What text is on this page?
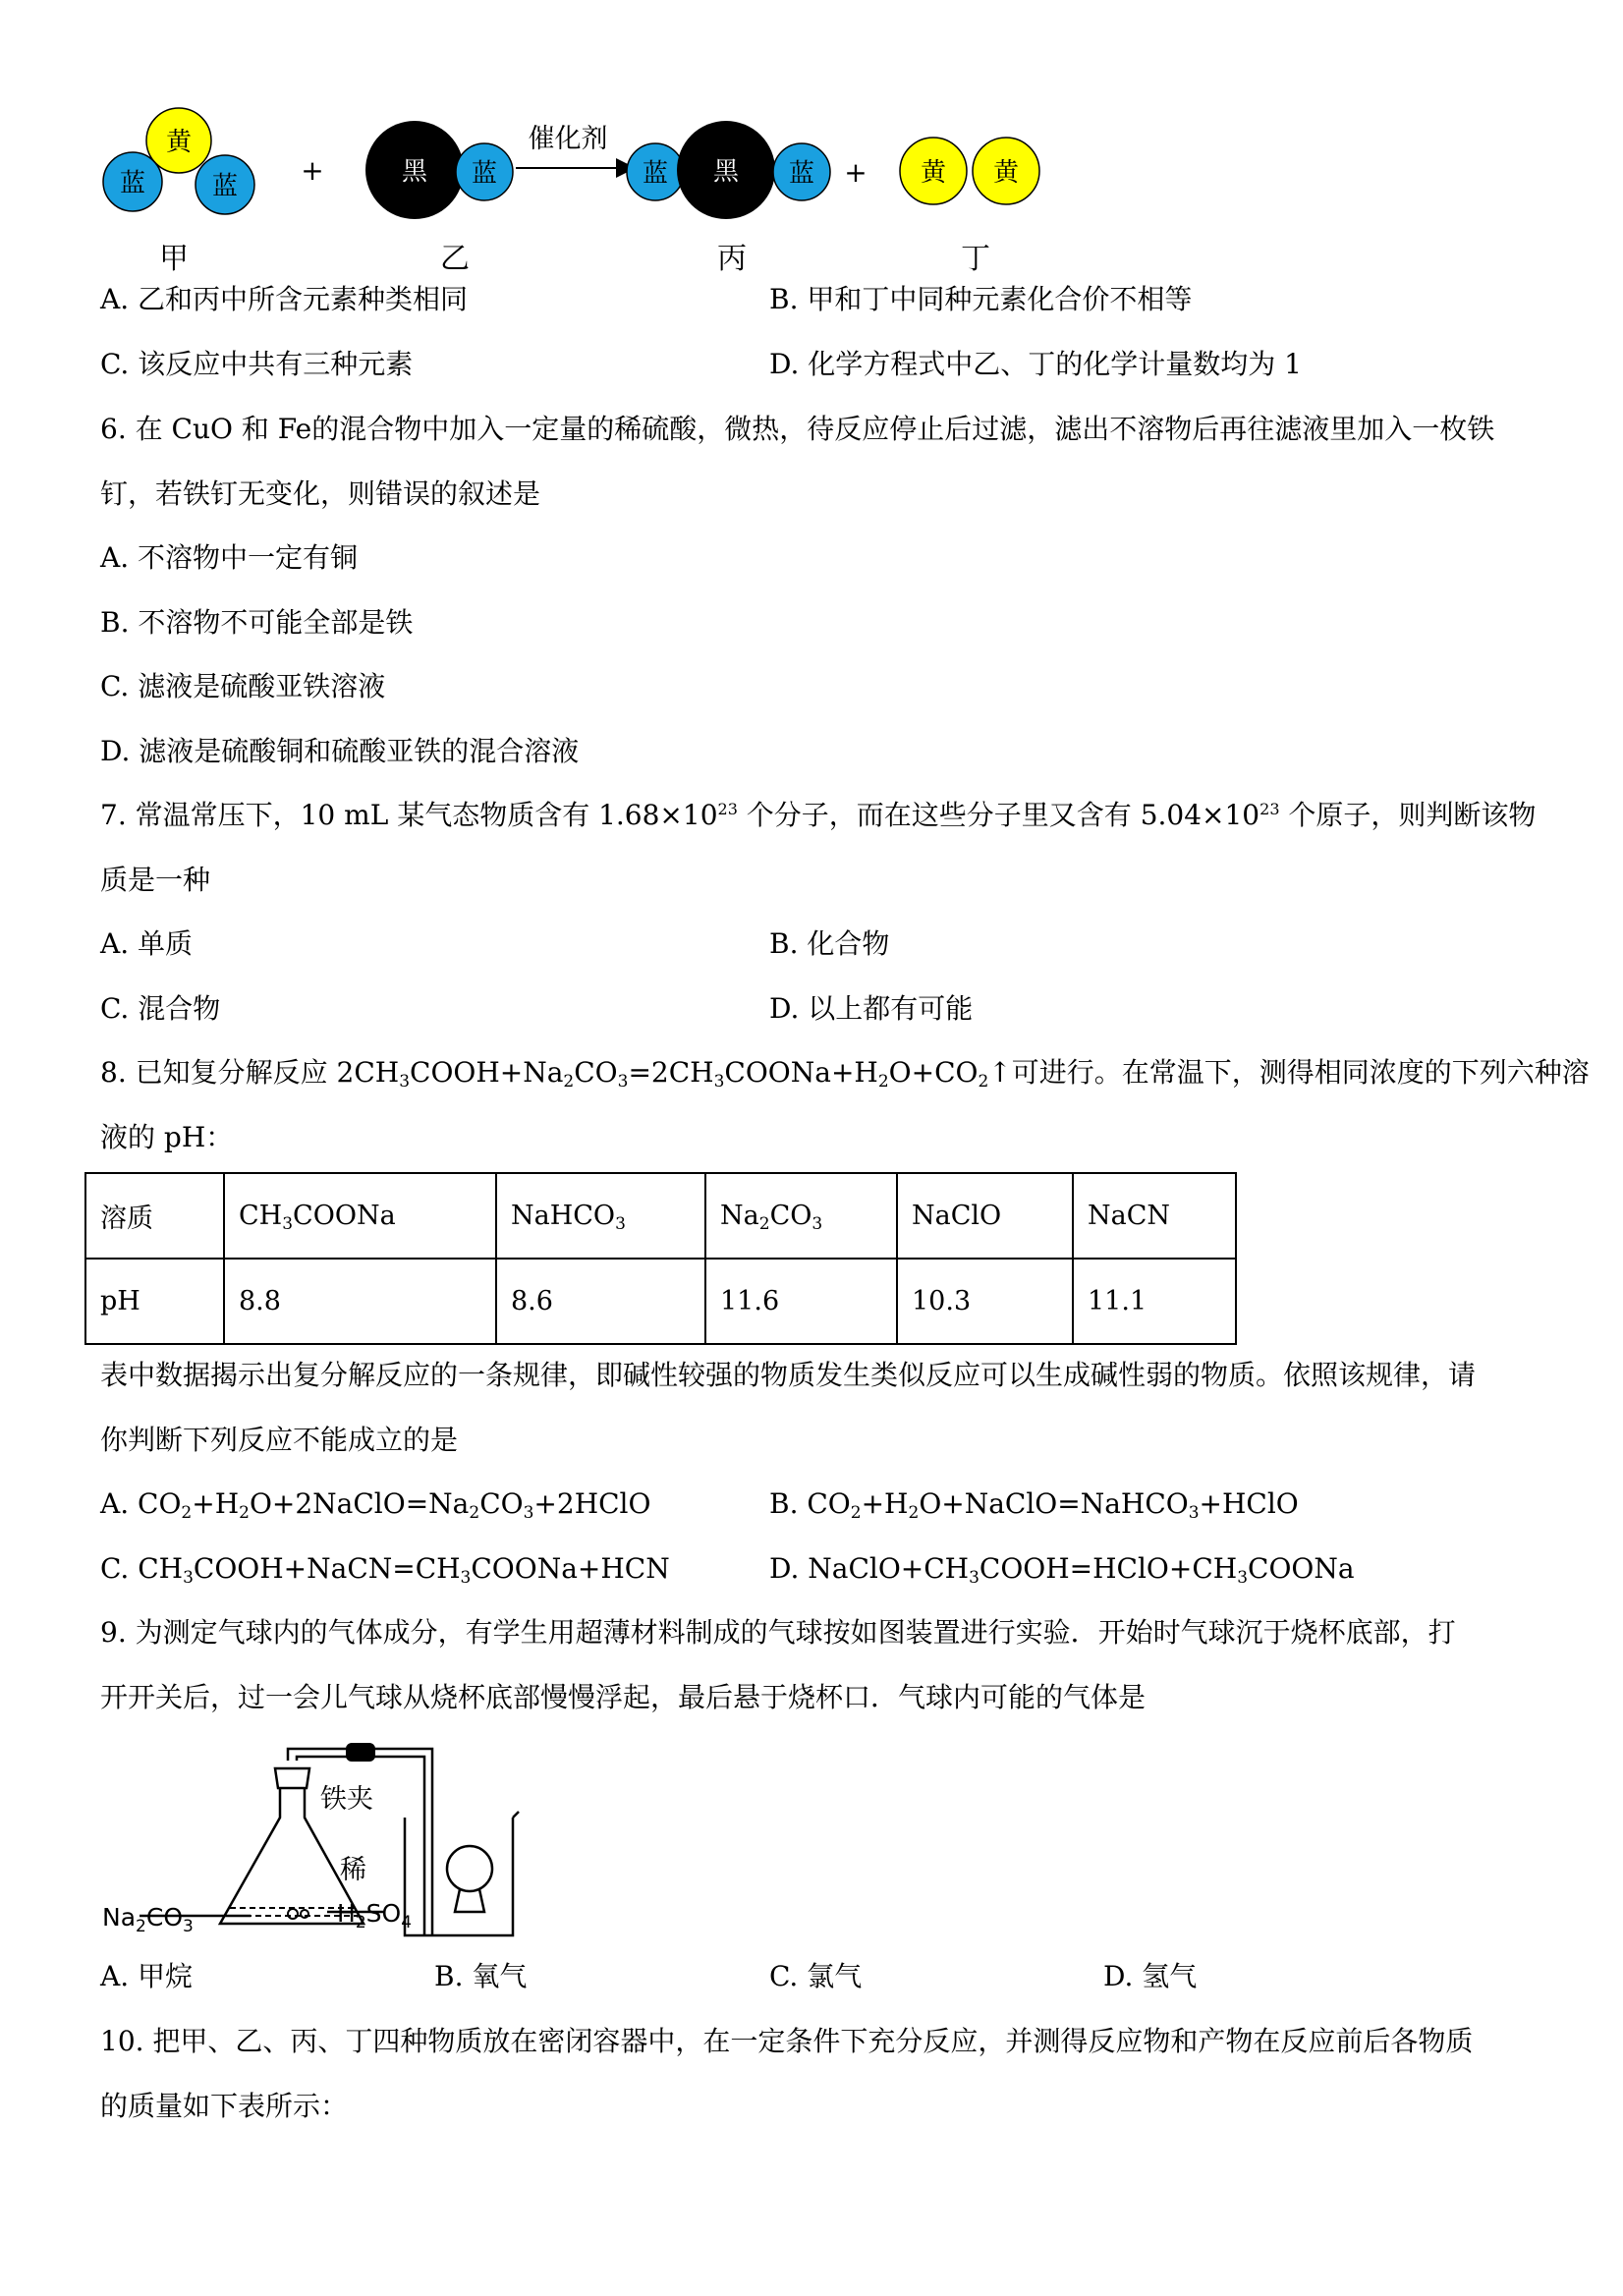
黄
蓝	蓝 +	黑 蓝
催化剂
蓝 黑 蓝 + 黄 黄
甲	乙	丙	丁
A. 乙和丙中所含元素种类相同	B. 甲和丁中同种元素化合价不相等
C. 该反应中共有三种元素	D. 化学方程式中乙、丁的化学计量数均为 1
6. 在 CuO 和 Fe的混合物中加入一定量的稀硫酸，微热，待反应停止后过滤，滤出不溶物后再往滤液里加入一枚铁
钉，若铁钉无变化，则错误的叙述是
A. 不溶物中一定有铜
B. 不溶物不可能全部是铁
C. 滤液是硫酸亚铁溶液
D. 滤液是硫酸铜和硫酸亚铁的混合溶液
7. 常温常压下，10 mL 某气态物质含有 $1.68\times 10^{23}$ 个分子，而在这些分子里又含有 $5.04\times 10^{23}$ 个原子，则判断该物
质是一种
A. 单质	B. 化合物
C. 混合物	D. 以上都有可能
8. 已知复分解反应 $2CH_3COOH+Na_2CO_3=2CH_3COONa+H_2O+CO_2↑$可进行。在常温下，测得相同浓度的下列六种溶
液的 pH：
溶质	$CH_3COONa$	NaHCO$_3$	$Na_2CO_3$	NaClO	NaCN
pH	8.8	8.6	11.6	10.3	11.1
表中数据揭示出复分解反应的一条规律，即碱性较强的物质发生类似反应可以生成碱性弱的物质。依照该规律，请
你判断下列反应不能成立的是
A. $CO_2+H_2O+2NaClO=Na_2CO_3+2HClO$	B. $CO_2+H_2O+NaClO=NaHCO_3+HClO$
C. $CH_3COOH+NaCN=CH_3COONa+HCN$	D. $NaClO+CH_3COOH=HClO+CH_3COONa$
9. 为测定气球内的气体成分，有学生用超薄材料制成的气球按如图装置进行实验．开始时气球沉于烧杯底部，打
开开关后，过一会儿气球从烧杯底部慢慢浮起，最后悬于烧杯口．气球内可能的气体是
铁夹
稀
$Na_2CO_3$	$H_2SO_4$
A. 甲烷	B. 氧气	C. 氯气	D. 氢气
10. 把甲、乙、丙、丁四种物质放在密闭容器中，在一定条件下充分反应，并测得反应物和产物在反应前后各物质
的质量如下表所示：
